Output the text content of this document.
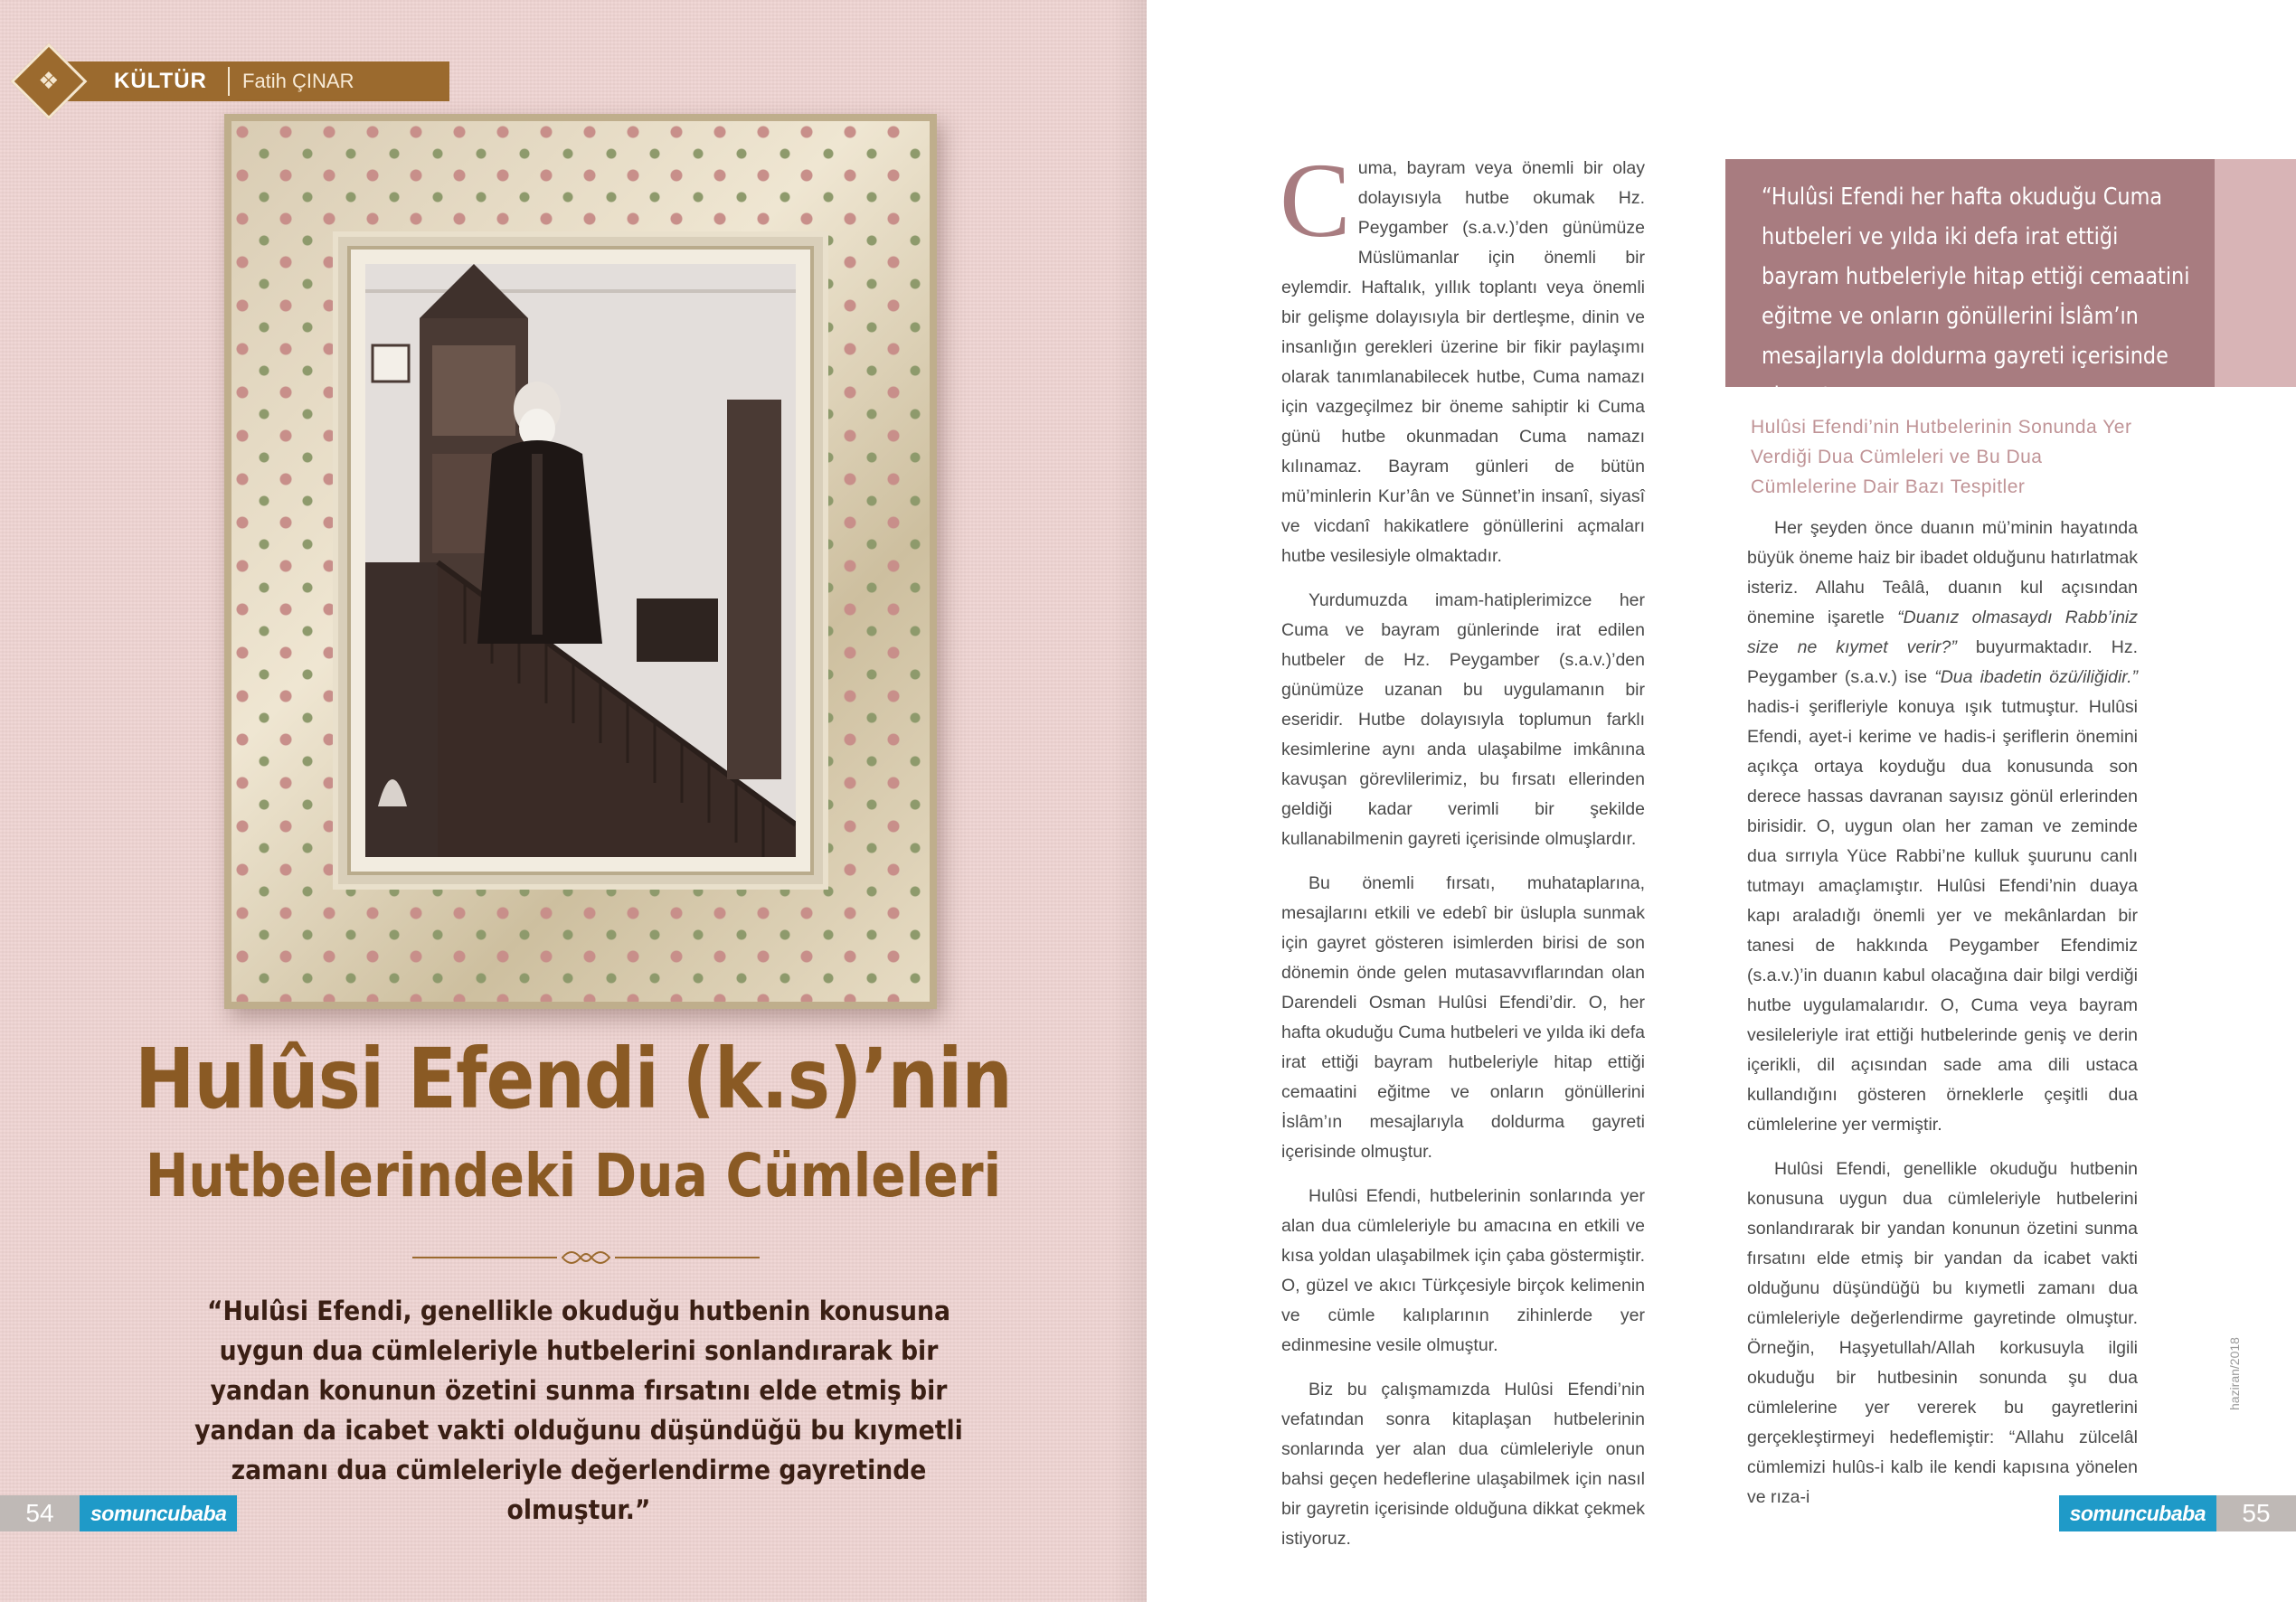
❖	KÜLTÜR Fatih ÇINAR
Hulûsi Efendi (k.s)’nin
Hutbelerindeki Dua Cümleleri
“Hulûsi Efendi, genellikle okuduğu hutbenin konusuna uygun dua cümleleriyle hutbelerini sonlandırarak bir yandan konunun özetini sunma fırsatını elde etmiş bir yandan da icabet vakti olduğunu düşündüğü bu kıymetli zamanı dua cümleleriyle değerlendirme gayretinde olmuştur.”
54	somuncubaba

Cuma, bayram veya önemli bir olay dolayısıyla hutbe okumak Hz. Peygamber (s.a.v.)’den günümüze Müslümanlar için önemli bir eylemdir. Haftalık, yıllık toplantı veya önemli bir gelişme dolayısıyla bir dertleşme, dinin ve insanlığın gerekleri üzerine bir fikir paylaşımı olarak tanımlanabilecek hutbe, Cuma namazı için vazgeçilmez bir öneme sahiptir ki Cuma günü hutbe okunmadan Cuma namazı kılınamaz. Bayram günleri de bütün mü’minlerin Kur’ân ve Sünnet’in insanî, siyasî ve vicdanî hakikatlere gönüllerini açmaları hutbe vesilesiyle olmaktadır.

Yurdumuzda imam-hatiplerimizce her Cuma ve bayram günlerinde irat edilen hutbeler de Hz. Peygamber (s.a.v.)’den günümüze uzanan bu uygulamanın bir eseridir. Hutbe dolayısıyla toplumun farklı kesimlerine aynı anda ulaşabilme imkânına kavuşan görevlilerimiz, bu fırsatı ellerinden geldiği kadar verimli bir şekilde kullanabilmenin gayreti içerisinde olmuşlardır.

Bu önemli fırsatı, muhataplarına, mesajlarını etkili ve edebî bir üslupla sunmak için gayret gösteren isimlerden birisi de son dönemin önde gelen mutasavvıflarından olan Darendeli Osman Hulûsi Efendi’dir. O, her hafta okuduğu Cuma hutbeleri ve yılda iki defa irat ettiği bayram hutbeleriyle hitap ettiği cemaatini eğitme ve onların gönüllerini İslâm’ın mesajlarıyla doldurma gayreti içerisinde olmuştur.

Hulûsi Efendi, hutbelerinin sonlarında yer alan dua cümleleriyle bu amacına en etkili ve kısa yoldan ulaşabilmek için çaba göstermiştir. O, güzel ve akıcı Türkçesiyle birçok kelimenin ve cümle kalıplarının zihinlerde yer edinmesine vesile olmuştur.

Biz bu çalışmamızda Hulûsi Efendi’nin vefatından sonra kitaplaşan hutbelerinin sonlarında yer alan dua cümleleriyle onun bahsi geçen hedeflerine ulaşabilmek için nasıl bir gayretin içerisinde olduğuna dikkat çekmek istiyoruz.

“Hulûsi Efendi her hafta okuduğu Cuma hutbeleri ve yılda iki defa irat ettiği bayram hutbeleriyle hitap ettiği cemaatini eğitme ve onların gönüllerini İslâm’ın mesajlarıyla doldurma gayreti içerisinde olmuştur.
Hulûsi Efendi’nin Hutbelerinin Sonunda Yer Verdiği Dua Cümleleri ve Bu Dua Cümlelerine Dair Bazı Tespitler

Her şeyden önce duanın mü’minin hayatında büyük öneme haiz bir ibadet olduğunu hatırlatmak isteriz. Allahu Teâlâ, duanın kul açısından önemine işaretle “Duanız olmasaydı Rabb’iniz size ne kıymet verir?” buyurmaktadır. Hz. Peygamber (s.a.v.) ise “Dua ibadetin özü/iliğidir.” hadis-i şerifleriyle konuya ışık tutmuştur. Hulûsi Efendi, ayet-i kerime ve hadis-i şeriflerin önemini açıkça ortaya koyduğu dua konusunda son derece hassas davranan sayısız gönül erlerinden birisidir. O, uygun olan her zaman ve zeminde dua sırrıyla Yüce Rabbi’ne kulluk şuurunu canlı tutmayı amaçlamıştır. Hulûsi Efendi’nin duaya kapı araladığı önemli yer ve mekânlardan bir tanesi de hakkında Peygamber Efendimiz (s.a.v.)’in duanın kabul olacağına dair bilgi verdiği hutbe uygulamalarıdır. O, Cuma veya bayram vesileleriyle irat ettiği hutbelerinde geniş ve derin içerikli, dil açısından sade ama dili ustaca kullandığını gösteren örneklerle çeşitli dua cümlelerine yer vermiştir.

Hulûsi Efendi, genellikle okuduğu hutbenin konusuna uygun dua cümleleriyle hutbelerini sonlandırarak bir yandan konunun özetini sunma fırsatını elde etmiş bir yandan da icabet vakti olduğunu düşündüğü bu kıymetli zamanı dua cümleleriyle değerlendirme gayretinde olmuştur. Örneğin, Haşyetullah/Allah korkusuyla ilgili okuduğu bir hutbesinin sonunda şu dua cümlelerine yer vererek bu gayretlerini gerçekleştirmeyi hedeflemiştir: “Allahu zülcelâl cümlemizi hulûs-i kalb ile kendi kapısına yönelen ve rıza-i

haziran/2018
somuncubaba	55
